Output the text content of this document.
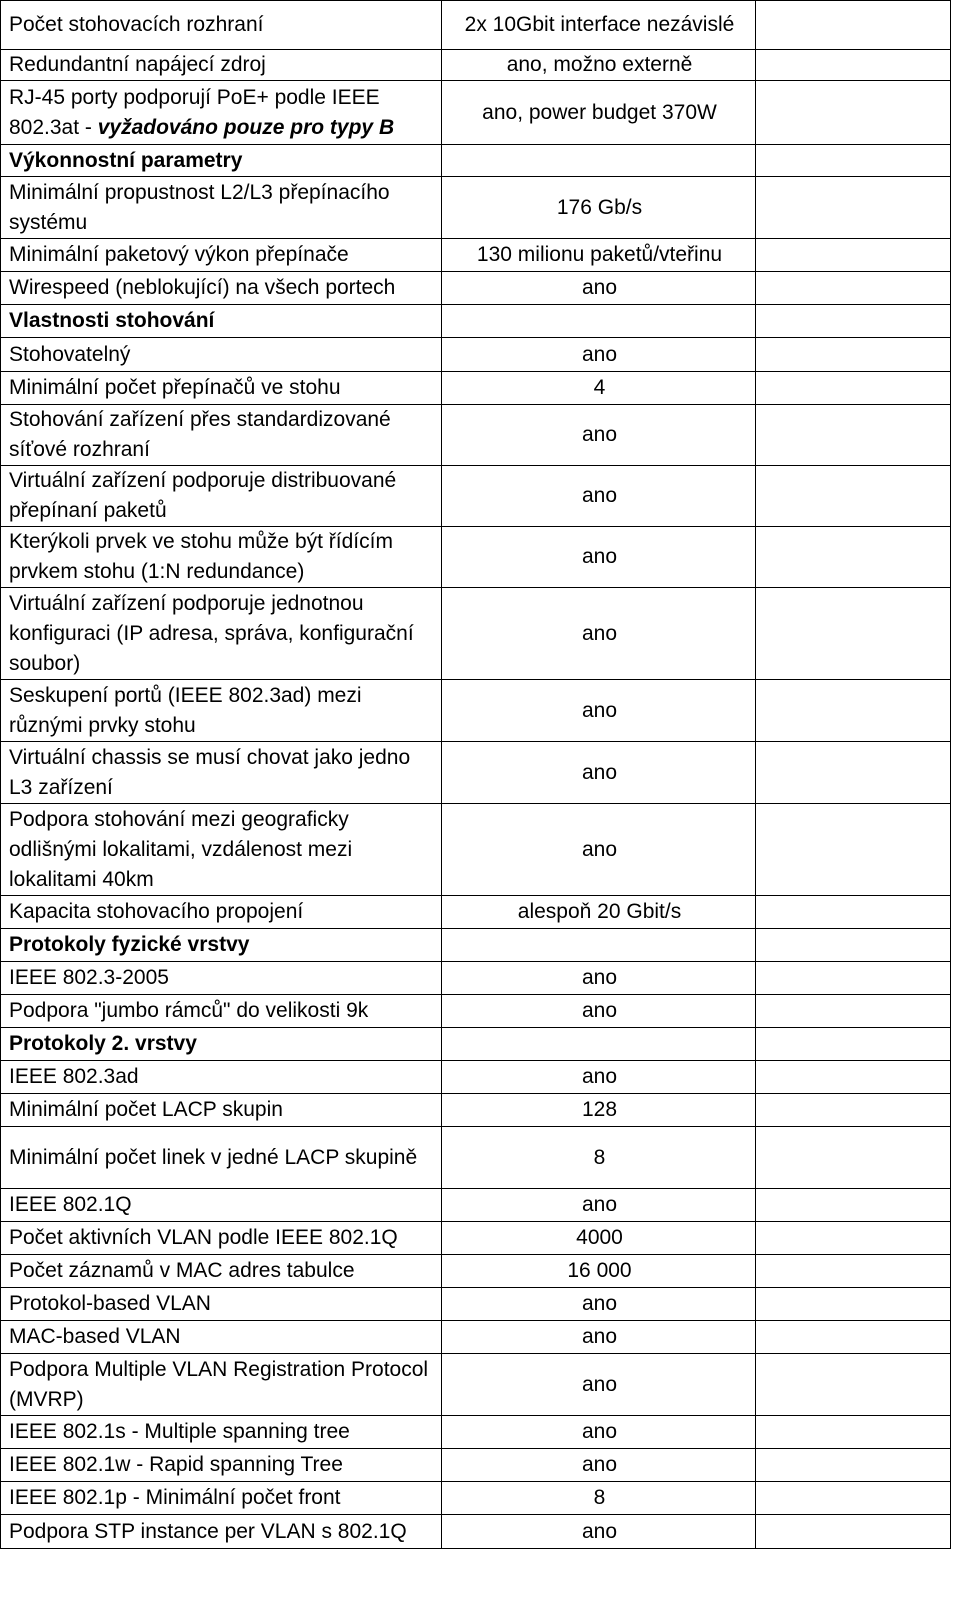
Počet stohovacích rozhraní	2x 10Gbit interface nezávislé	
Redundantní napájecí zdroj	ano, možno externě	
RJ-45 porty podporují PoE+ podle IEEE 802.3at - vyžadováno pouze pro typy B	ano, power budget 370W	
Výkonnostní parametry		
Minimální propustnost L2/L3 přepínacího systému	176 Gb/s	
Minimální paketový výkon přepínače	130 milionu paketů/vteřinu	
Wirespeed (neblokující) na všech portech	ano	
Vlastnosti stohování		
Stohovatelný	ano	
Minimální počet přepínačů ve stohu	4	
Stohování zařízení přes standardizované síťové rozhraní	ano	
Virtuální zařízení podporuje distribuované přepínaní paketů	ano	
Kterýkoli prvek ve stohu může být řídícím prvkem stohu (1:N redundance)	ano	
Virtuální zařízení podporuje jednotnou konfiguraci (IP adresa, správa, konfigurační soubor)	ano	
Seskupení portů (IEEE 802.3ad) mezi různými prvky stohu	ano	
Virtuální chassis se musí chovat jako jedno L3 zařízení	ano	
Podpora stohování mezi geograficky odlišnými lokalitami, vzdálenost mezi lokalitami 40km	ano	
Kapacita stohovacího propojení	alespoň 20 Gbit/s	
Protokoly fyzické vrstvy		
IEEE 802.3-2005	ano	
Podpora "jumbo rámců" do velikosti 9k	ano	
Protokoly 2. vrstvy		
IEEE 802.3ad	ano	
Minimální počet LACP skupin	128	
Minimální počet linek v jedné LACP skupině	8	
IEEE 802.1Q	ano	
Počet aktivních VLAN podle IEEE 802.1Q	4000	
Počet záznamů v MAC adres tabulce	16 000	
Protokol-based VLAN	ano	
MAC-based VLAN	ano	
Podpora Multiple VLAN Registration Protocol (MVRP)	ano	
IEEE 802.1s - Multiple spanning tree	ano	
IEEE 802.1w - Rapid spanning Tree	ano	
IEEE 802.1p - Minimální počet front	8	
Podpora STP instance per VLAN s 802.1Q	ano	
